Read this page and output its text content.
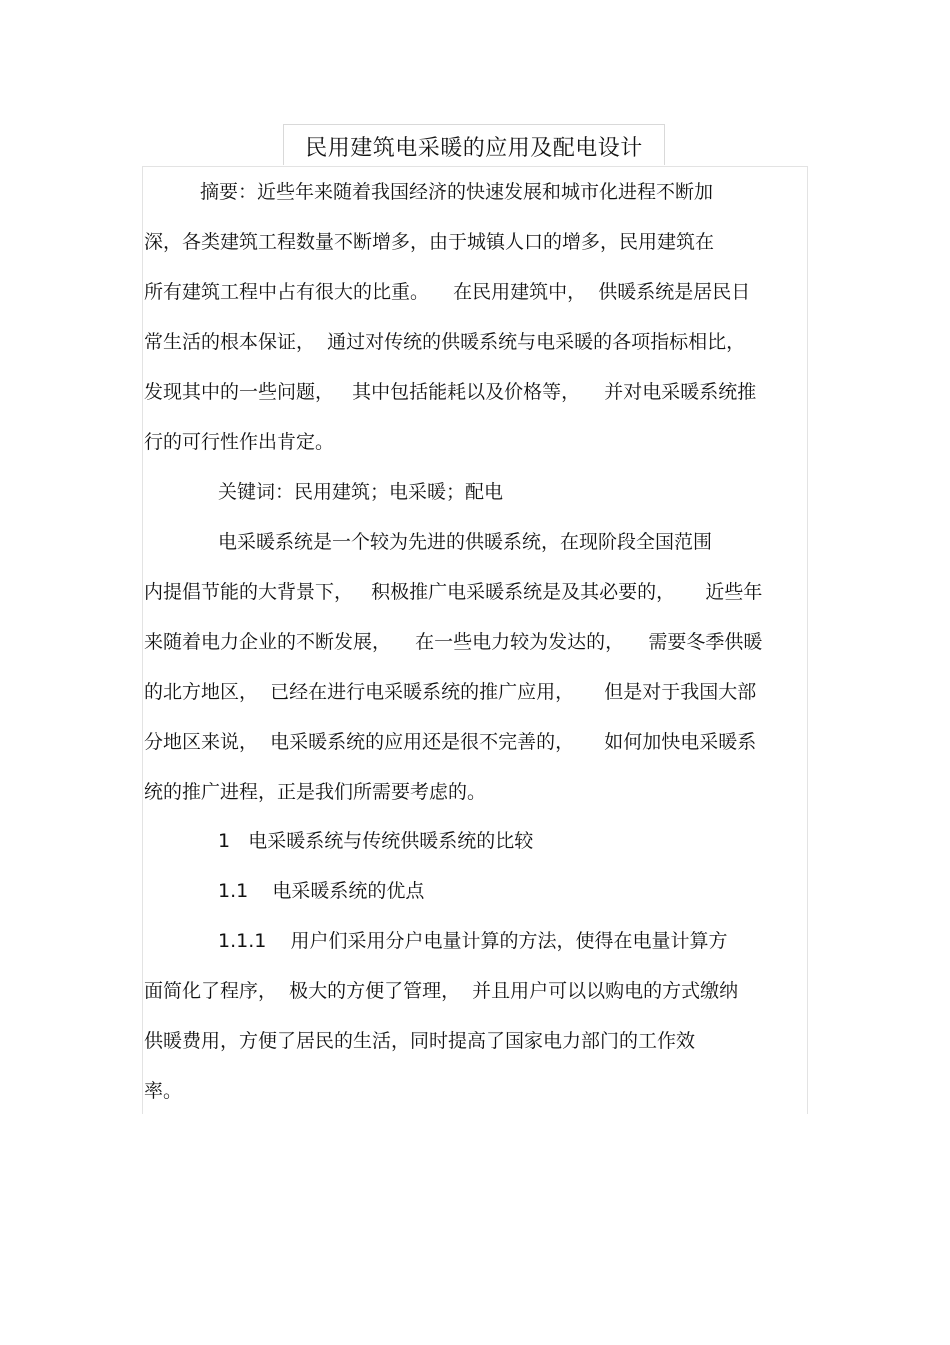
民用建筑电采暖的应用及配电设计
摘要：近些年来随着我国经济的快速发展和城市化进程不断加
深，各类建筑工程数量不断增多，由于城镇人口的增多，民用建筑在
所有建筑工程中占有很大的比重。    在民用建筑中，  供暖系统是居民日
常生活的根本保证，  通过对传统的供暖系统与电采暖的各项指标相比，
发现其中的一些问题，   其中包括能耗以及价格等，    并对电采暖系统推
行的可行性作出肯定。
关键词：民用建筑；电采暖；配电
电采暖系统是一个较为先进的供暖系统，在现阶段全国范围
内提倡节能的大背景下，   积极推广电采暖系统是及其必要的，     近些年
来随着电力企业的不断发展，    在一些电力较为发达的，    需要冬季供暖
的北方地区，  已经在进行电采暖系统的推广应用，     但是对于我国大部
分地区来说，  电采暖系统的应用还是很不完善的，     如何加快电采暖系
统的推广进程，正是我们所需要考虑的。
1   电采暖系统与传统供暖系统的比较
1.1    电采暖系统的优点
1.1.1    用户们采用分户电量计算的方法，使得在电量计算方
面简化了程序，  极大的方便了管理，  并且用户可以以购电的方式缴纳
供暖费用，方便了居民的生活，同时提高了国家电力部门的工作效
率。
